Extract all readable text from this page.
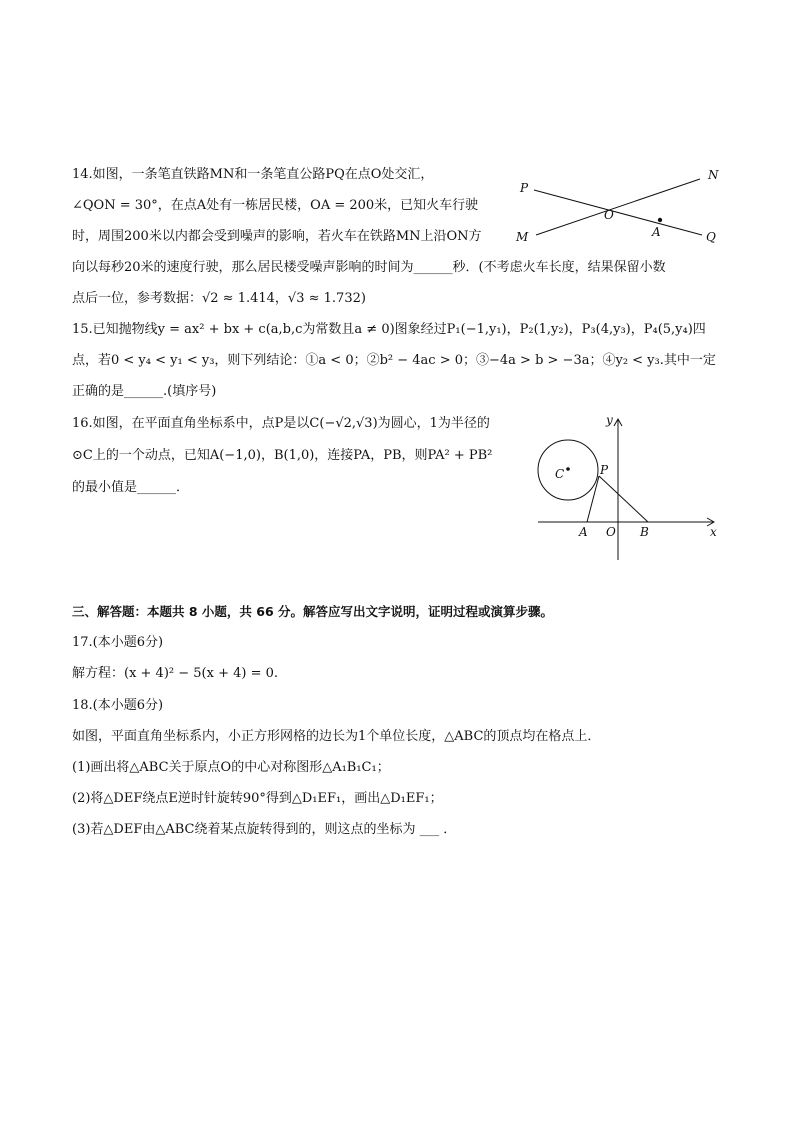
14.如图，一条笔直铁路MN和一条笔直公路PQ在点O处交汇，
∠QON = 30°，在点A处有一栋居民楼，OA = 200米，已知火车行驶
时，周围200米以内都会受到噪声的影响，若火车在铁路MN上沿ON方
向以每秒20米的速度行驶，那么居民楼受噪声影响的时间为______秒．(不考虑火车长度，结果保留小数
点后一位，参考数据：√2 ≈ 1.414，√3 ≈ 1.732)
P
N
O
A
M	Q
15.已知抛物线y = ax² + bx + c(a,b,c为常数且a ≠ 0)图象经过P₁(−1,y₁)，P₂(1,y₂)，P₃(4,y₃)，P₄(5,y₄)四
点，若0 < y₄ < y₁ < y₃，则下列结论：①a < 0；②b² − 4ac > 0；③−4a > b > −3a；④y₂ < y₃.其中一定
正确的是______.(填序号)
16.如图，在平面直角坐标系中，点P是以C(−√2,√3)为圆心，1为半径的
⊙C上的一个动点，已知A(−1,0)，B(1,0)，连接PA，PB，则PA² + PB²
的最小值是______．
y
x
C	P
A O B
三、解答题：本题共 8 小题，共 66 分。解答应写出文字说明，证明过程或演算步骤。
17.(本小题6分)
解方程：(x + 4)² − 5(x + 4) = 0.
18.(本小题6分)
如图，平面直角坐标系内，小正方形网格的边长为1个单位长度，△ABC的顶点均在格点上．
(1)画出将△ABC关于原点O的中心对称图形△A₁B₁C₁；
(2)将△DEF绕点E逆时针旋转90°得到△D₁EF₁，画出△D₁EF₁；
(3)若△DEF由△ABC绕着某点旋转得到的，则这点的坐标为 ___ ．
